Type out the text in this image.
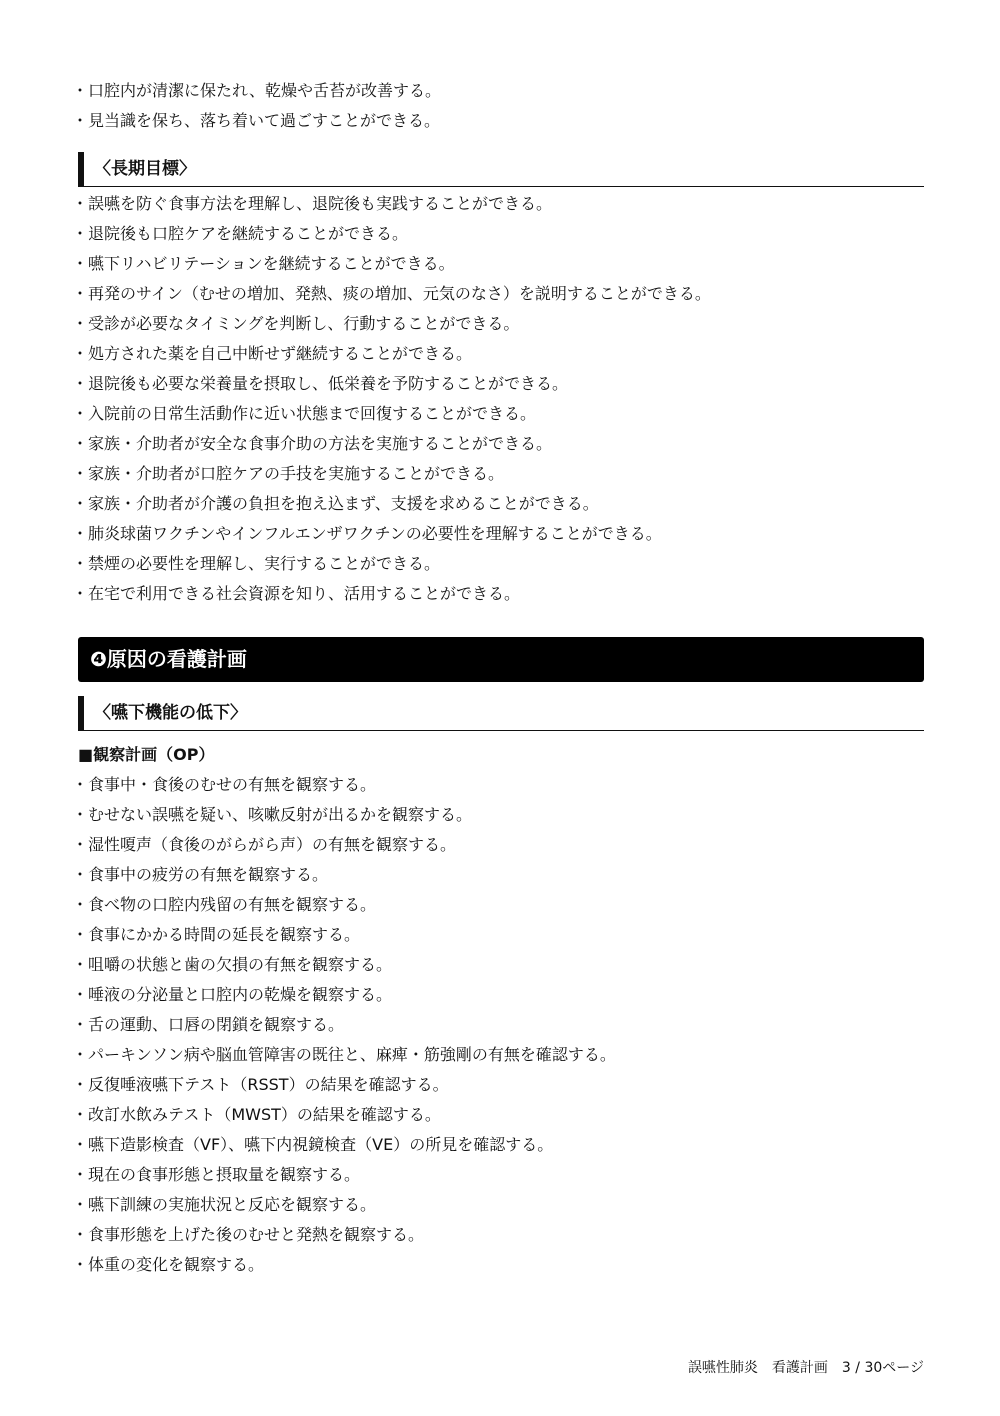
・ 口腔内が清潔に保たれ、乾燥や舌苔が改善する。
・ 見当識を保ち、落ち着いて過ごすことができる。
〈長期目標〉
・ 誤嚥を防ぐ食事方法を理解し、退院後も実践することができる。
・ 退院後も口腔ケアを継続することができる。
・ 嚥下リハビリテーションを継続することができる。
・ 再発のサイン（むせの増加、発熱、痰の増加、元気のなさ）を説明することができる。
・ 受診が必要なタイミングを判断し、行動することができる。
・ 処方された薬を自己中断せず継続することができる。
・ 退院後も必要な栄養量を摂取し、低栄養を予防することができる。
・ 入院前の日常生活動作に近い状態まで回復することができる。
・ 家族・介助者が安全な食事介助の方法を実施することができる。
・ 家族・介助者が口腔ケアの手技を実施することができる。
・ 家族・介助者が介護の負担を抱え込まず、支援を求めることができる。
・ 肺炎球菌ワクチンやインフルエンザワクチンの必要性を理解することができる。
・ 禁煙の必要性を理解し、実行することができる。
・ 在宅で利用できる社会資源を知り、活用することができる。
❹原因の看護計画
〈嚥下機能の低下〉
■観察計画（OP）
・ 食事中・食後のむせの有無を観察する。
・ むせない誤嚥を疑い、咳嗽反射が出るかを観察する。
・ 湿性嗄声（食後のがらがら声）の有無を観察する。
・ 食事中の疲労の有無を観察する。
・ 食べ物の口腔内残留の有無を観察する。
・ 食事にかかる時間の延長を観察する。
・ 咀嚼の状態と歯の欠損の有無を観察する。
・ 唾液の分泌量と口腔内の乾燥を観察する。
・ 舌の運動、口唇の閉鎖を観察する。
・ パーキンソン病や脳血管障害の既往と、麻痺・筋強剛の有無を確認する。
・ 反復唾液嚥下テスト（RSST）の結果を確認する。
・ 改訂水飲みテスト（MWST）の結果を確認する。
・ 嚥下造影検査（VF）、嚥下内視鏡検査（VE）の所見を確認する。
・ 現在の食事形態と摂取量を観察する。
・ 嚥下訓練の実施状況と反応を観察する。
・ 食事形態を上げた後のむせと発熱を観察する。
・ 体重の変化を観察する。
誤嚥性肺炎　看護計画　3 / 30ページ
